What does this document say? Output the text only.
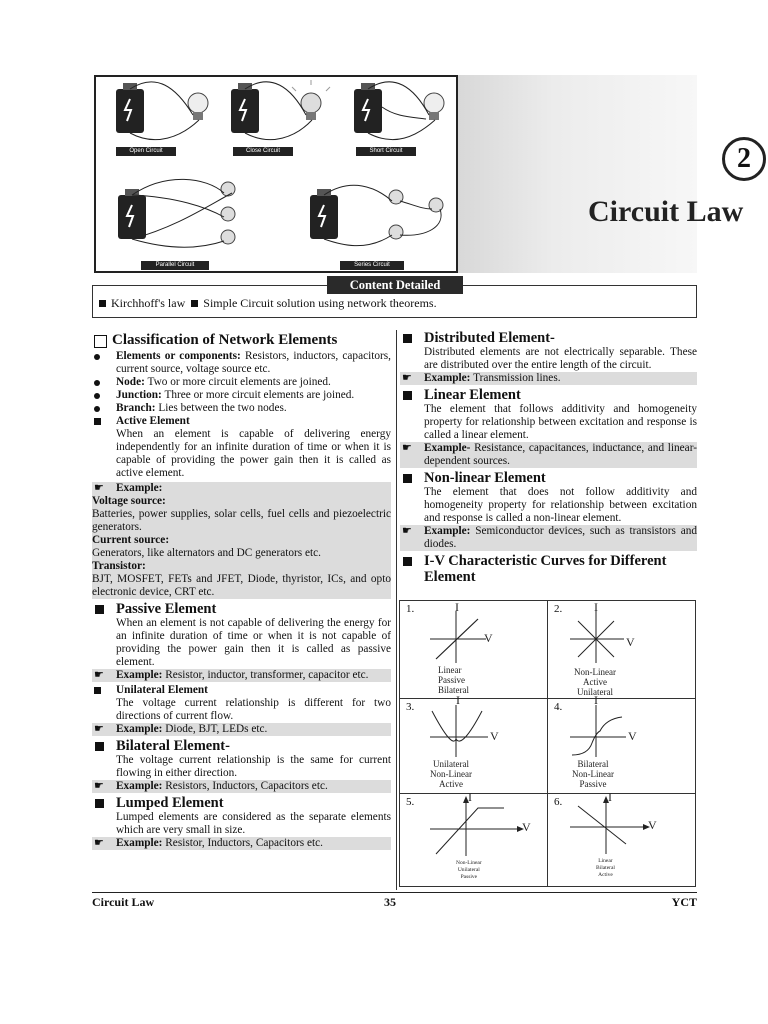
Open Circuit	Close Circuit	Short Circuit
Parallel Circuit	Series Circuit
2
Circuit Law
Content Detailed
Kirchhoff's law Simple Circuit solution using network theorems.
Classification of Network Elements
Elements or components: Resistors, inductors, capacitors, current source, voltage source etc.
Node: Two or more circuit elements are joined.
Junction: Three or more circuit elements are joined.
Branch: Lies between the two nodes.
Active Element
When an element is capable of delivering energy independently for an infinite duration of time or when it is capable of providing the power gain then it is called as active element.
☛ Example:
Voltage source:
Batteries, power supplies, solar cells, fuel cells and piezoelectric generators.
Current source:
Generators, like alternators and DC generators etc.
Transistor:
BJT, MOSFET, FETs and JFET, Diode, thyristor, ICs, and opto electronic device, CRT etc.
Passive Element
When an element is not capable of delivering the energy for an infinite duration of time or when it is not capable of providing the power gain then it is called as passive element.
☛ Example: Resistor, inductor, transformer, capacitor etc.
Unilateral Element
The voltage current relationship is different for two directions of current flow.
☛ Example: Diode, BJT, LEDs etc.
Bilateral Element-
The voltage current relationship is the same for current flowing in either direction.
☛ Example: Resistors, Inductors, Capacitors etc.
Lumped Element
Lumped elements are considered as the separate elements which are very small in size.
☛ Example: Resistor, Inductors, Capacitors etc.
Distributed Element-
Distributed elements are not electrically separable. These are distributed over the entire length of the circuit.
☛ Example: Transmission lines.
Linear Element
The element that follows additivity and homogeneity property for relationship between excitation and response is called a linear element.
☛ Example- Resistance, capacitances, inductance, and linear-dependent sources.
Non-linear Element
The element that does not follow additivity and homogeneity property for relationship between excitation and response is called a non-linear element.
☛ Example: Semiconductor devices, such as transistors and diodes.
I-V Characteristic Curves for Different Element
1.	I
V
Linear
Passive
Bilateral
2.	I
V
Non-Linear
Active
Unilateral
3.	I
V
Unilateral
Non-Linear
Active
4.	I
V
Bilateral
Non-Linear
Passive
5.	I
V
Non-Linear
Unilateral
Passive
6.	I
V
Linear
Bilateral
Active
Circuit Law	35	YCT
